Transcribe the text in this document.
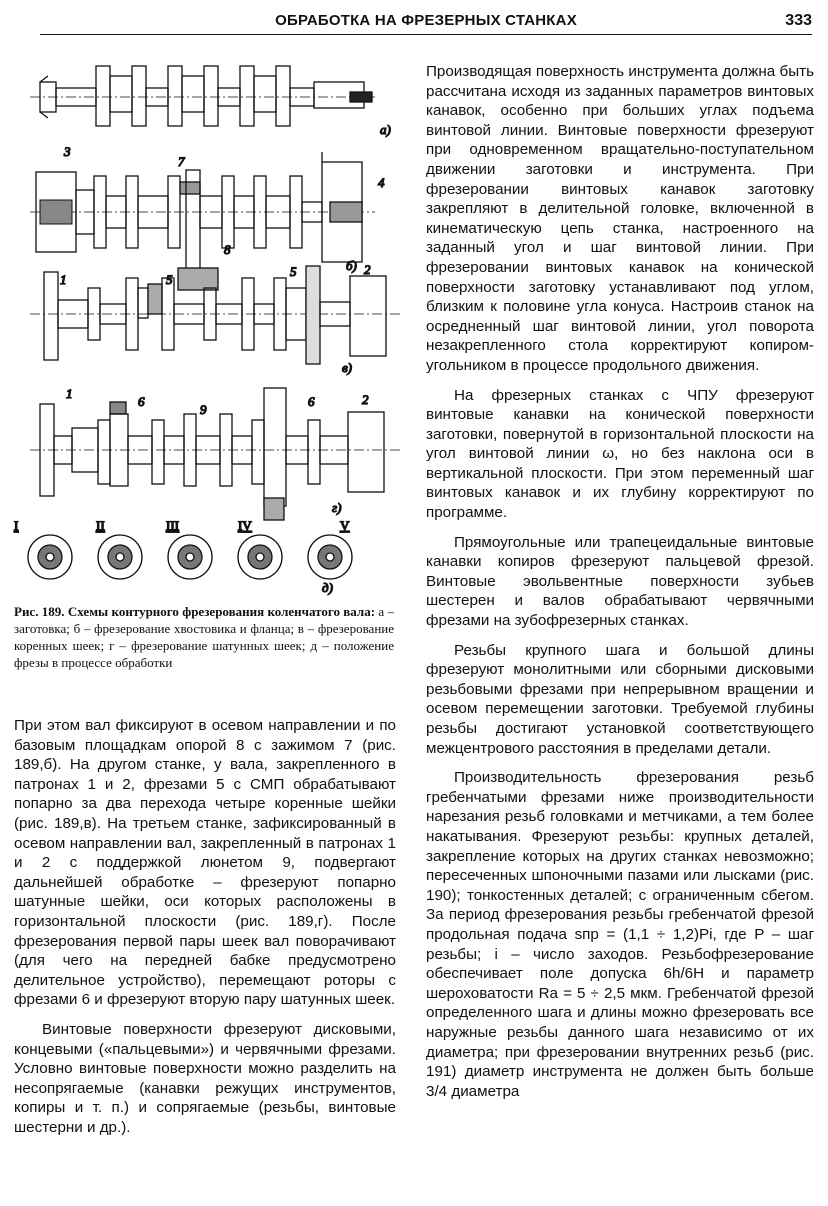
ОБРАБОТКА НА ФРЕЗЕРНЫХ СТАНКАХ	333
а)
3
7
8
4
б)
1	5
5	2
в)
1
6	6	2
9
г)
I	II	III	IV	V
д)
Рис. 189. Схемы контурного фрезерования коленчатого вала: а – заготовка; б – фрезерование хвостовика и фланца; в – фрезерование коренных шеек; г – фрезерование шатунных шеек; д – положение фрезы в процессе обработки

При этом вал фиксируют в осевом направлении и по базовым площадкам опорой 8 с зажимом 7 (рис. 189,б). На другом станке, у вала, закрепленного в патронах 1 и 2, фрезами 5 с СМП обрабатывают попарно за два перехода четыре коренные шейки (рис. 189,в). На третьем станке, зафиксированный в осевом направлении вал, закрепленный в патронах 1 и 2 с поддержкой люнетом 9, подвергают дальнейшей обработке – фрезеруют попарно шатунные шейки, оси которых расположены в горизонтальной плоскости (рис. 189,г). После фрезерования первой пары шеек вал поворачивают (для чего на передней бабке предусмотрено делительное устройство), перемещают роторы с фрезами 6 и фрезеруют вторую пару шатунных шеек.

Винтовые поверхности фрезеруют дисковыми, концевыми («пальцевыми») и червячными фрезами. Условно винтовые поверхности можно разделить на несопрягаемые (канавки режущих инструментов, копиры и т. п.) и сопрягаемые (резьбы, винтовые шестерни и др.).

Производящая поверхность инструмента должна быть рассчитана исходя из заданных параметров винтовых канавок, особенно при больших углах подъема винтовой линии. Винтовые поверхности фрезеруют при одновременном вращательно-поступательном движении заготовки и инструмента. При фрезеровании винтовых канавок заготовку закрепляют в делительной головке, включенной в кинематическую цепь станка, настроенного на заданный угол и шаг винтовой линии. При фрезеровании винтовых канавок на конической поверхности заготовку устанавливают под углом, близким к половине угла конуса. Настроив станок на осредненный шаг винтовой линии, угол поворота незакрепленного стола корректируют копиром-угольником в процессе продольного движения.

На фрезерных станках с ЧПУ фрезеруют винтовые канавки на конической поверхности заготовки, повернутой в горизонтальной плоскости на угол винтовой линии ω, но без наклона оси в вертикальной плоскости. При этом переменный шаг винтовых канавок и их глубину корректируют по программе.

Прямоугольные или трапецеидальные винтовые канавки копиров фрезеруют пальцевой фрезой. Винтовые эвольвентные поверхности зубьев шестерен и валов обрабатывают червячными фрезами на зубофрезерных станках.

Резьбы крупного шага и большой длины фрезеруют монолитными или сборными дисковыми резьбовыми фрезами при непрерывном вращении и осевом перемещении заготовки. Требуемой глубины резьбы достигают установкой соответствующего межцентрового расстояния в пределами детали.

Производительность фрезерования резьб гребенчатыми фрезами ниже производительности нарезания резьб головками и метчиками, а тем более накатывания. Фрезеруют резьбы: крупных деталей, закрепление которых на других станках невозможно; пересеченных шпоночными пазами или лысками (рис. 190); тонкостенных деталей; с ограниченным сбегом. За период фрезерования резьбы гребенчатой фрезой продольная подача sпр = (1,1 ÷ 1,2)Pi, где P – шаг резьбы; i – число заходов. Резьбофрезерование обеспечивает поле допуска 6h/6H и параметр шероховатости Ra = 5 ÷ 2,5 мкм. Гребенчатой фрезой определенного шага и длины можно фрезеровать все наружные резьбы данного шага независимо от их диаметра; при фрезеровании внутренних резьб (рис. 191) диаметр инструмента не должен быть больше 3/4 диаметра
